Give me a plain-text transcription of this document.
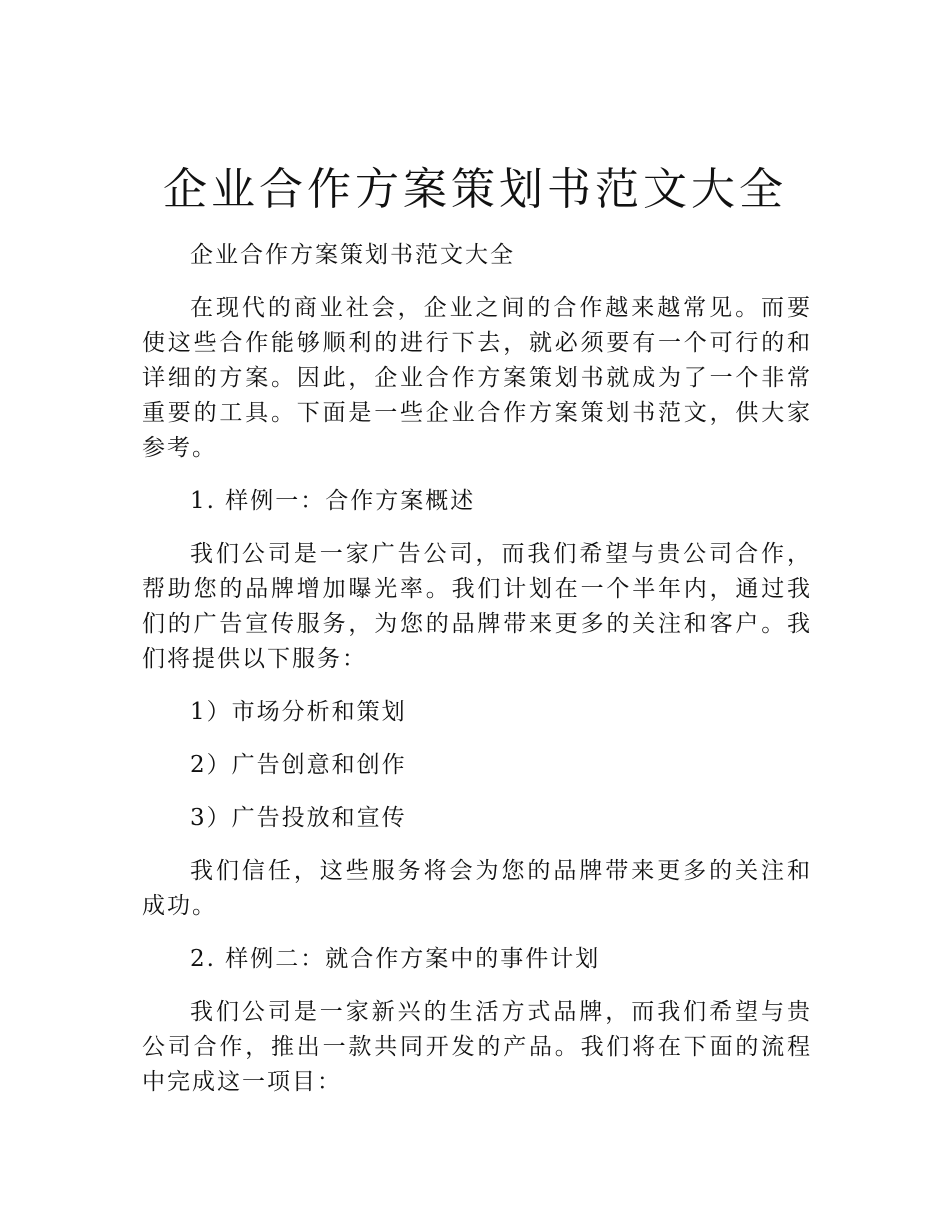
企业合作方案策划书范文大全

企业合作方案策划书范文大全

在现代的商业社会，企业之间的合作越来越常见。而要使这些合作能够顺利的进行下去，就必须要有一个可行的和详细的方案。因此，企业合作方案策划书就成为了一个非常重要的工具。下面是一些企业合作方案策划书范文，供大家参考。

1. 样例一：合作方案概述

我们公司是一家广告公司，而我们希望与贵公司合作，帮助您的品牌增加曝光率。我们计划在一个半年内，通过我们的广告宣传服务，为您的品牌带来更多的关注和客户。我们将提供以下服务：

1）市场分析和策划

2）广告创意和创作

3）广告投放和宣传

我们信任，这些服务将会为您的品牌带来更多的关注和成功。

2. 样例二：就合作方案中的事件计划

我们公司是一家新兴的生活方式品牌，而我们希望与贵公司合作，推出一款共同开发的产品。我们将在下面的流程中完成这一项目：
